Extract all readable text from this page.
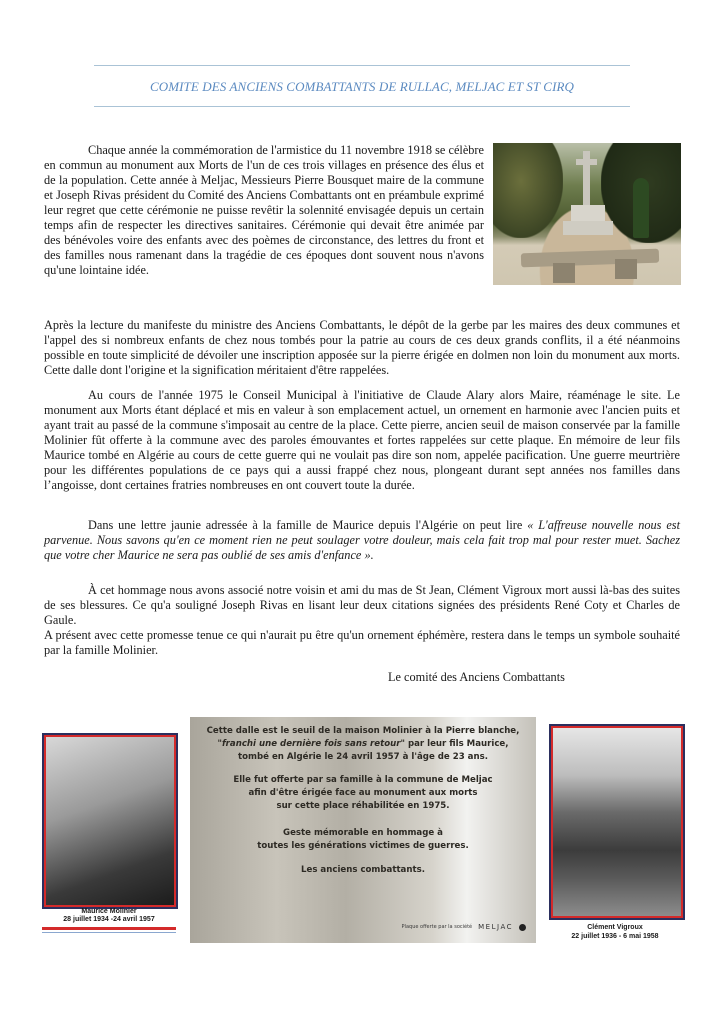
COMITE DES ANCIENS COMBATTANTS DE RULLAC, MELJAC ET ST CIRQ

Chaque année la commémoration de l'armistice du 11 novembre 1918 se célèbre en commun au monument aux Morts de l'un de ces trois villages en présence des élus et de la population. Cette année à Meljac, Messieurs Pierre Bousquet maire de la commune et Joseph Rivas président du Comité des Anciens Combattants ont en préambule exprimé leur regret que cette cérémonie ne puisse revêtir la solennité envisagée depuis un certain temps afin de respecter les directives sanitaires. Cérémonie qui devait être animée par des bénévoles voire des enfants avec des poèmes de circonstance, des lettres du front et des familles nous ramenant dans la tragédie de ces époques dont souvent nous n'avons qu'une lointaine idée.

Après la lecture du manifeste du ministre des Anciens Combattants, le dépôt de la gerbe par les maires des deux communes et l'appel des si nombreux enfants de chez nous tombés pour la patrie au cours de ces deux grands conflits, il a été néanmoins possible en toute simplicité de dévoiler une inscription apposée sur la pierre érigée en dolmen non loin du monument aux morts. Cette dalle dont l'origine et la signification méritaient d'être rappelées.

Au cours de l'année 1975 le Conseil Municipal à l'initiative de Claude Alary alors Maire, réaménage le site. Le monument aux Morts étant déplacé et mis en valeur à son emplacement actuel, un ornement en harmonie avec l'ancien puits et ayant trait au passé de la commune s'imposait au centre de la place. Cette pierre, ancien seuil de maison conservée par la famille Molinier fût offerte à la commune avec des paroles émouvantes et fortes rappelées sur cette plaque. En mémoire de leur fils Maurice tombé en Algérie au cours de cette guerre qui ne voulait pas dire son nom, appelée pacification. Une guerre meurtrière pour les différentes populations de ce pays qui a aussi frappé chez nous, plongeant durant sept années nos familles dans l’angoisse, dont certaines fratries nombreuses en ont couvert toute la durée.

Dans une lettre jaunie adressée à la famille de Maurice depuis l'Algérie on peut lire « L'affreuse nouvelle nous est parvenue. Nous savons qu'en ce moment rien ne peut soulager votre douleur, mais cela fait trop mal pour rester muet. Sachez que votre cher Maurice ne sera pas oublié de ses amis d'enfance ».

À cet hommage nous avons associé notre voisin et ami du mas de St Jean, Clément Vigroux mort aussi là-bas des suites de ses blessures. Ce qu'a souligné Joseph Rivas en lisant leur deux citations signées des présidents René Coty et Charles de Gaule.

A présent avec cette promesse tenue ce qui n'aurait pu être qu'un ornement éphémère, restera dans le temps un symbole souhaité par la famille Molinier.

Le comité des Anciens Combattants
Maurice Molinier
28 juillet 1934 -24 avril 1957

Cette dalle est le seuil de la maison Molinier à la Pierre blanche,

"franchi une dernière fois sans retour" par leur fils Maurice,

tombé en Algérie le 24 avril 1957 à l'âge de 23 ans.

Elle fut offerte par sa famille à la commune de Meljac

afin d'être érigée face au monument aux morts

sur cette place réhabilitée en 1975.

Geste mémorable en hommage à

toutes les générations victimes de guerres.

Les anciens combattants.

Plaque offerte par la société MELJAC	Clément Vigroux
22 juillet 1936 - 6 mai 1958
